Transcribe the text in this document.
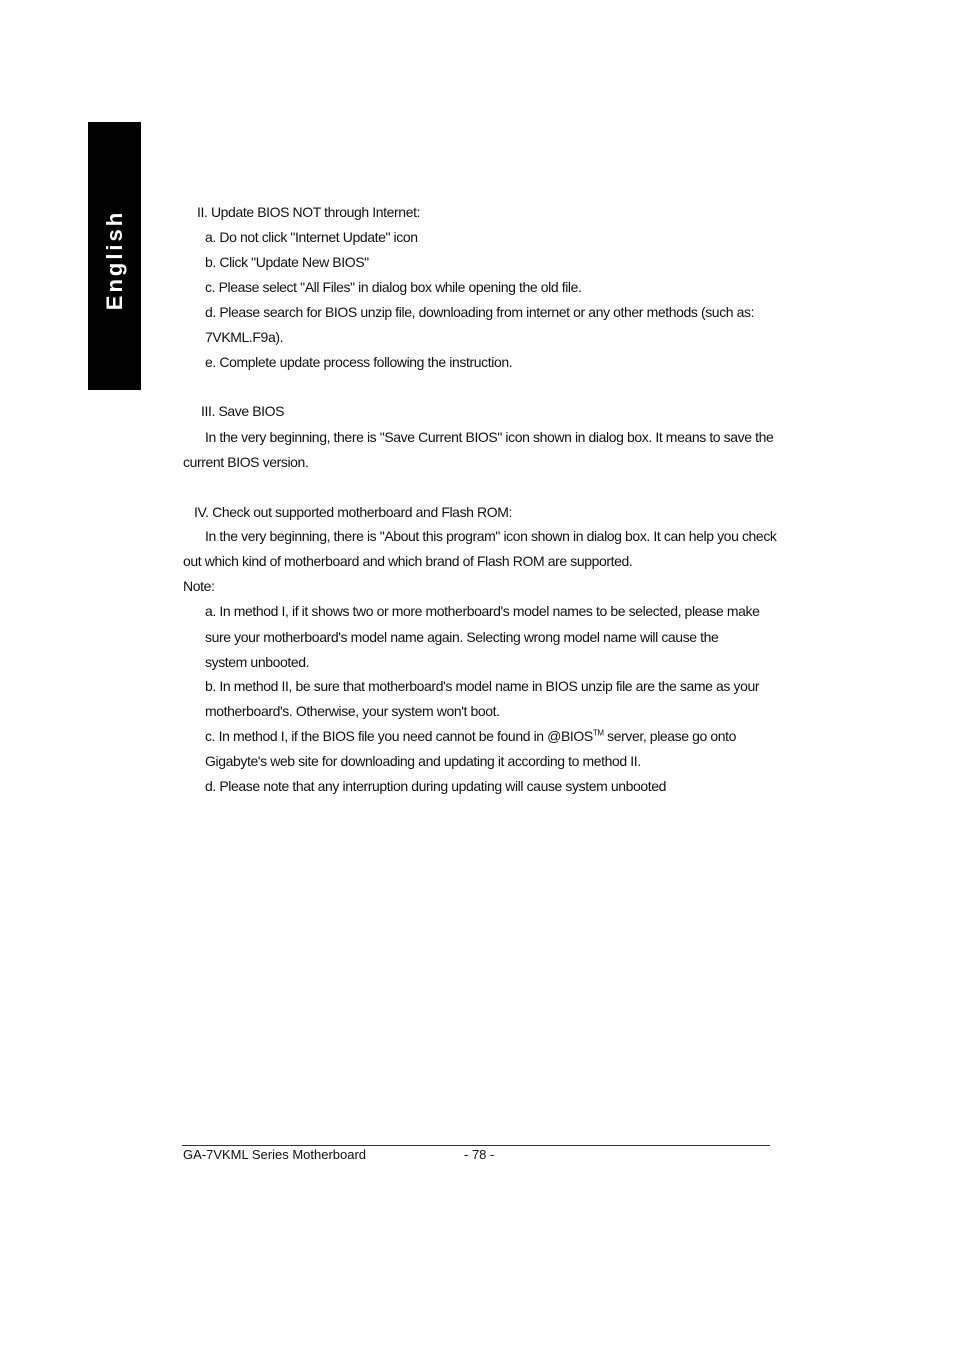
English	II. Update BIOS NOT through Internet:
a. Do not click "Internet Update" icon
b. Click "Update New BIOS"
c. Please select "All Files" in dialog box while opening the old file.
d. Please search for BIOS unzip file, downloading from internet or any other methods (such as:
7VKML.F9a).
e. Complete update process following the instruction.
III. Save BIOS
In the very beginning, there is "Save Current BIOS" icon shown in dialog box. It means to save the
current BIOS version.
IV. Check out supported motherboard and Flash ROM:
In the very beginning, there is "About this program" icon shown in dialog box. It can help you check
out which kind of motherboard and which brand of Flash ROM are supported.
Note:
a. In method I, if it shows two or more motherboard's model names to be selected, please make
sure your motherboard's model name again. Selecting wrong model name will cause the
system unbooted.
b. In method II, be sure that motherboard's model name in BIOS unzip file are the same as your
motherboard's. Otherwise, your system won't boot.
c. In method I, if the BIOS file you need cannot be found in @BIOS™ server, please go onto
Gigabyte's web site for downloading and updating it according to method II.
d. Please note that any interruption during updating will cause system unbooted
GA-7VKML Series Motherboard	- 78 -
